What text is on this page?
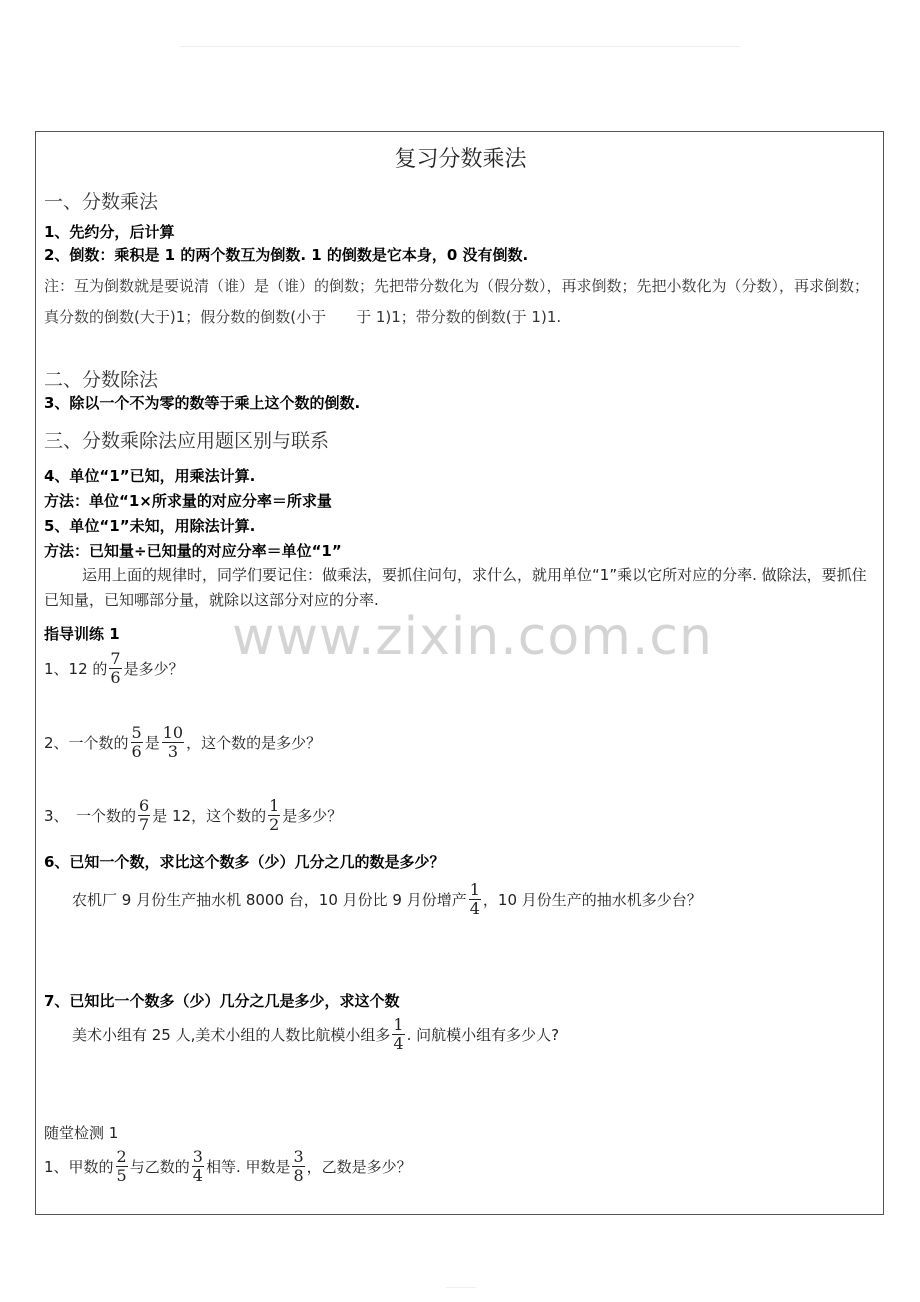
复习分数乘法
一、分数乘法
1、先约分，后计算
2、倒数：乘积是 1 的两个数互为倒数. 1 的倒数是它本身，0 没有倒数.
注：互为倒数就是要说清（谁）是（谁）的倒数；先把带分数化为（假分数），再求倒数；先把小数化为（分数），再求倒数；真分数的倒数(大于)1；假分数的倒数(小于　　于 1)1；带分数的倒数(于 1)1.
二、分数除法
3、除以一个不为零的数等于乘上这个数的倒数.
三、分数乘除法应用题区别与联系
4、单位“1”已知，用乘法计算.
方法：单位“1×所求量的对应分率＝所求量
5、单位“1”未知，用除法计算.
方法：已知量÷已知量的对应分率＝单位“1”
运用上面的规律时，同学们要记住：做乘法，要抓住问句，求什么，就用单位“1”乘以它所对应的分率. 做除法，要抓住已知量，已知哪部分量，就除以这部分对应的分率.
指导训练 1
1、12 的 $\frac{7}{6}$ 是多少？
2、一个数的 $\frac{5}{6}$ 是 $\frac{10}{3}$ ，这个数的是多少？
3、　一个数的 $\frac{6}{7}$ 是 12，这个数的 $\frac{1}{2}$ 是多少？
6、已知一个数，求比这个数多（少）几分之几的数是多少？
农机厂 9 月份生产抽水机 8000 台，10 月份比 9 月份增产 $\frac{1}{4}$ ，10 月份生产的抽水机多少台？
7、已知比一个数多（少）几分之几是多少，求这个数
美术小组有 25 人,美术小组的人数比航模小组多 $\frac{1}{4}$ . 问航模小组有多少人?
随堂检测 1
1、甲数的 $\frac{2}{5}$ 与乙数的 $\frac{3}{4}$ 相等. 甲数是 $\frac{3}{8}$ ，乙数是多少？
www.zixin.com.cn
